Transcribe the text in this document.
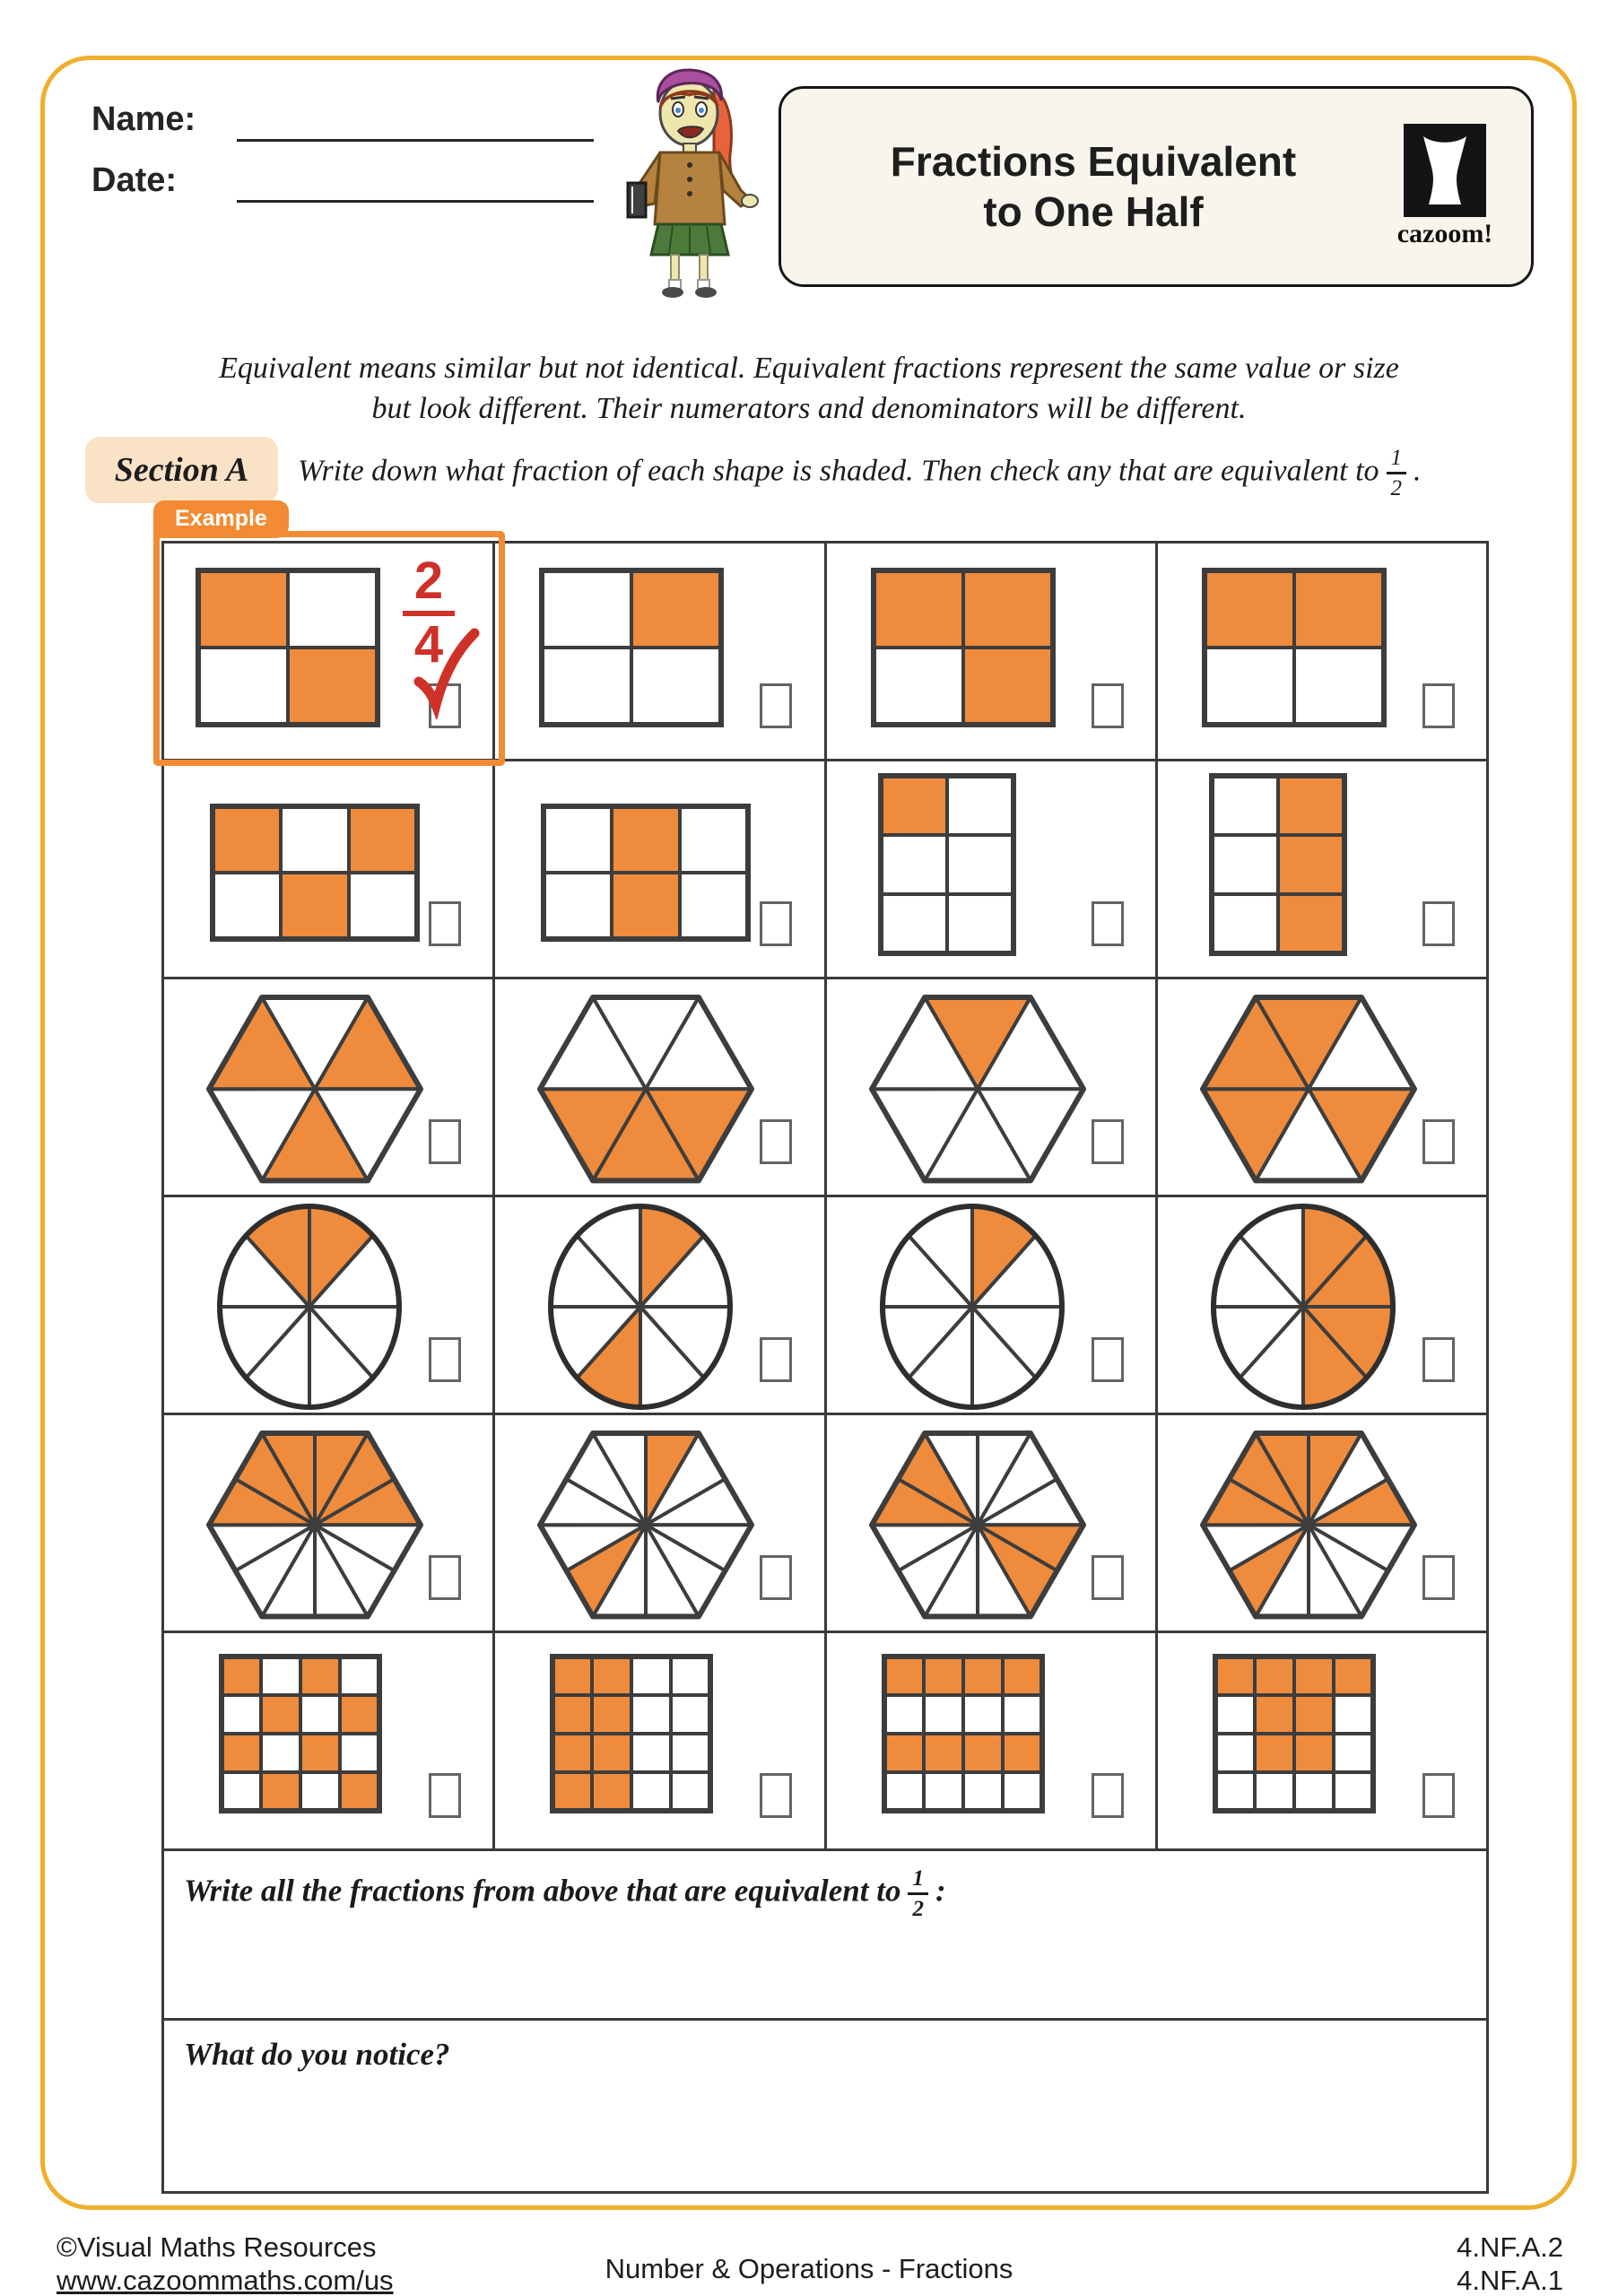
Name:
Date:	Fractions Equivalent
to One Half	cazoom!
Equivalent means similar but not identical. Equivalent fractions represent the same value or size
but look different. Their numerators and denominators will be different.
Section A	Write down what fraction of each shape is shaded. Then check any that are equivalent to $\frac{1}{2}$ .
Example
2
4
Write all the fractions from above that are equivalent to $\frac{1}{2}$ :
What do you notice?
©Visual Maths Resources
www.cazoommaths.com/us	Number & Operations - Fractions
4.NF.A.2
4.NF.A.1
